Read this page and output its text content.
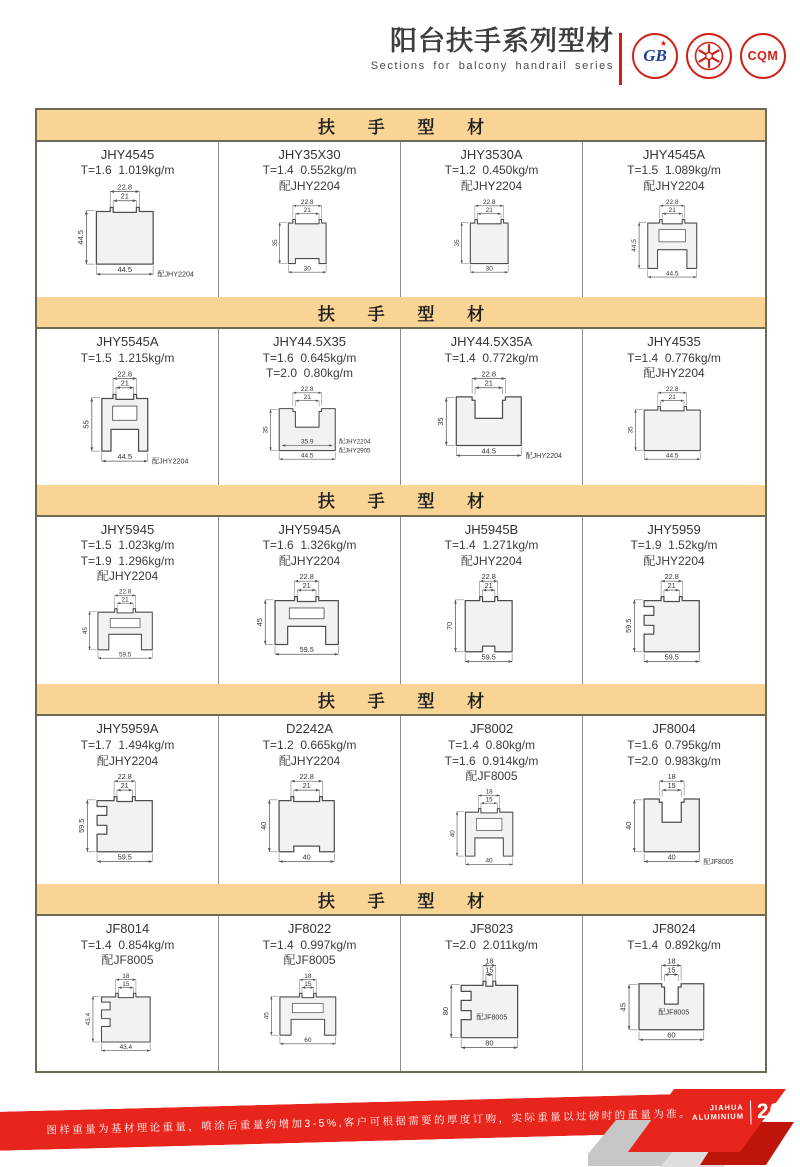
阳台扶手系列型材
Sections for balcony handrail series
GB
★
CQM
扶 手 型 材
JHY4545
T=1.6  1.019kg/m
22.8
21
44.5
44.5
配JHY2204
JHY35X30
T=1.4  0.552kg/m
配JHY2204
22.8
21
35
30
JHY3530A
T=1.2  0.450kg/m
配JHY2204
22.8
21
35
30
JHY4545A
T=1.5  1.089kg/m
配JHY2204
22.8
21
44.5
44.5
扶 手 型 材
JHY5545A
T=1.5  1.215kg/m
22.8
21
55
44.5
配JHY2204
JHY44.5X35
T=1.6  0.645kg/m
T=2.0  0.80kg/m
22.8
21
35
44.5
35.9	配JHY2204
配JHY2905
JHY44.5X35A
T=1.4  0.772kg/m
22.8
21
35
44.5
配JHY2204
JHY4535
T=1.4  0.776kg/m
配JHY2204
22.8
21
35
44.5
扶 手 型 材
JHY5945
T=1.5  1.023kg/m
T=1.9  1.296kg/m
配JHY2204
22.8
21
45
59.5
JHY5945A
T=1.6  1.326kg/m
配JHY2204
22.8
21
45
59.5
JH5945B
T=1.4  1.271kg/m
配JHY2204
22.8
21
70
59.5
JHY5959
T=1.9  1.52kg/m
配JHY2204
22.8
21
59.5
59.5
扶 手 型 材
JHY5959A
T=1.7  1.494kg/m
配JHY2204
22.8
21
59.5
59.5
D2242A
T=1.2  0.665kg/m
配JHY2204
22.8
21
40
40
JF8002
T=1.4  0.80kg/m
T=1.6  0.914kg/m
配JF8005
18
15
40
40
JF8004
T=1.6  0.795kg/m
T=2.0  0.983kg/m
18
15
40
40
配JF8005
扶 手 型 材
JF8014
T=1.4  0.854kg/m
配JF8005
18
15
43.4
43.4
JF8022
T=1.4  0.997kg/m
配JF8005
18
15
45
60
JF8023
T=2.0  2.011kg/m
18
15
80
80
配JF8005
JF8024
T=1.4  0.892kg/m
18
15
45
60
配JF8005
图样重量为基材理论重量，喷涂后重量约增加3-5%,客户可根据需要的厚度订购，实际重量以过磅时的重量为准。
JIAHUA
ALUMINIUM 207
